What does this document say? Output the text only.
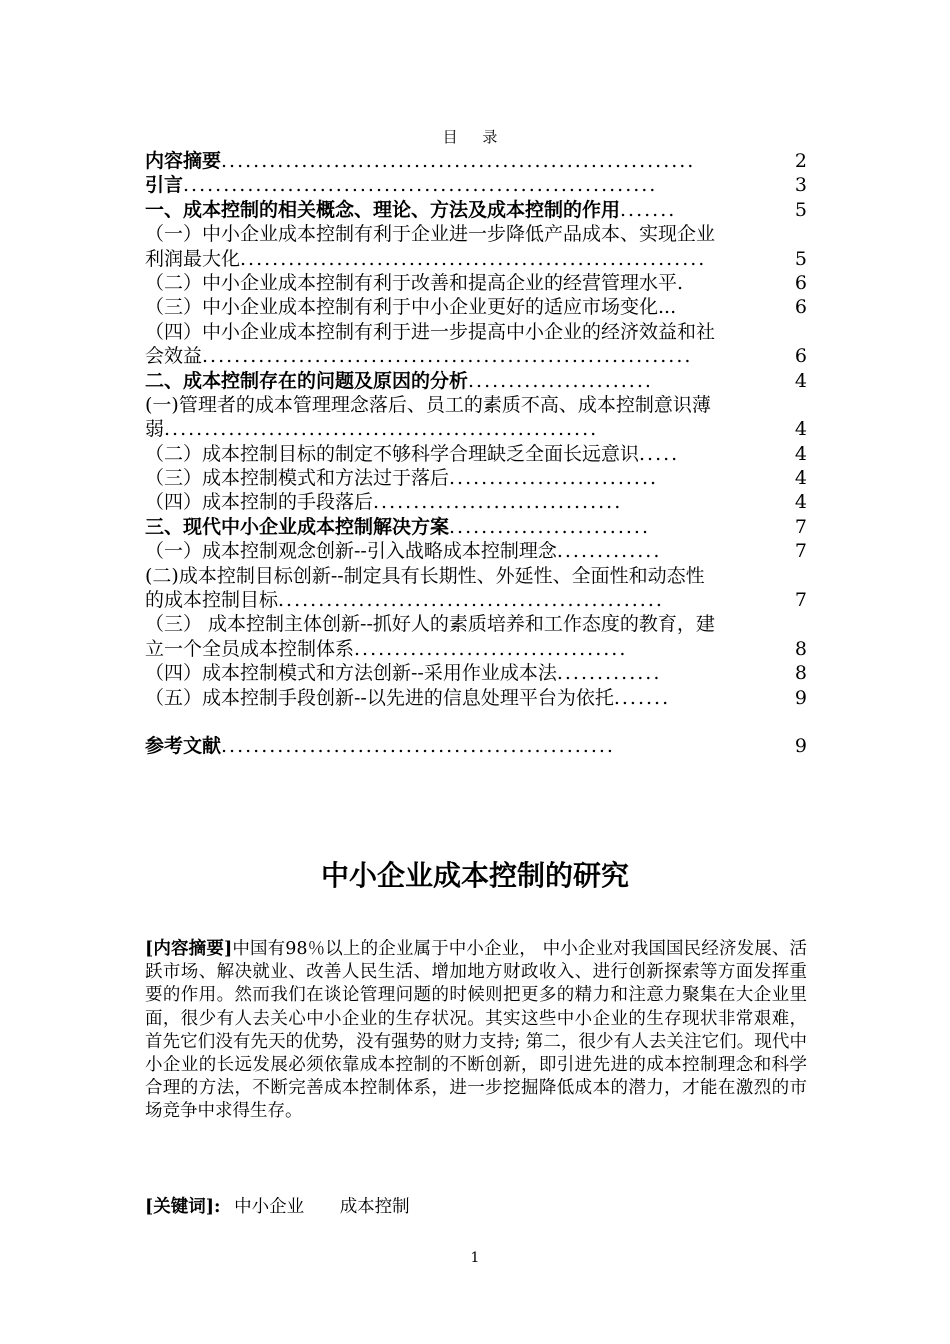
目 录
内容摘要 ...........................................................	2
引言 ...........................................................	3
一、成本控制的相关概念、理论、方法及成本控制的作用 .......	5
（一）中小企业成本控制有利于企业进一步降低产品成本、实现企业
利润最大化 ..........................................................	5
（二）中小企业成本控制有利于改善和提高企业的经营管理水平.	6
（三）中小企业成本控制有利于中小企业更好的适应市场变化...	6
（四）中小企业成本控制有利于进一步提高中小企业的经济效益和社
会效益 .............................................................	6
二、成本控制存在的问题及原因的分析 .......................	4
(一)管理者的成本管理理念落后、员工的素质不高、成本控制意识薄
弱 ......................................................	4
（二）成本控制目标的制定不够科学合理缺乏全面长远意识 .....	4
（三）成本控制模式和方法过于落后 ..........................	4
（四）成本控制的手段落后 ...............................	4
三、现代中小企业成本控制解决方案 .........................	7
（一）成本控制观念创新--引入战略成本控制理念 .............	7
(二)成本控制目标创新--制定具有长期性、外延性、全面性和动态性
的成本控制目标 ................................................	7
（三） 成本控制主体创新--抓好人的素质培养和工作态度的教育，建
立一个全员成本控制体系 ..................................	8
（四）成本控制模式和方法创新--采用作业成本法 .............	8
（五）成本控制手段创新--以先进的信息处理平台为依托 .......	9
参考文献 .................................................	9
中小企业成本控制的研究
[内容摘要]中国有98％以上的企业属于中小企业， 中小企业对我国国民经济发展、活跃市场、解决就业、改善人民生活、增加地方财政收入、进行创新探索等方面发挥重要的作用。然而我们在谈论管理问题的时候则把更多的精力和注意力聚集在大企业里面，很少有人去关心中小企业的生存状况。其实这些中小企业的生存现状非常艰难，首先它们没有先天的优势，没有强势的财力支持; 第二，很少有人去关注它们。现代中小企业的长远发展必须依靠成本控制的不断创新，即引进先进的成本控制理念和科学合理的方法，不断完善成本控制体系，进一步挖掘降低成本的潜力，才能在激烈的市场竞争中求得生存。
[关键词]: 中小企业 成本控制
1
